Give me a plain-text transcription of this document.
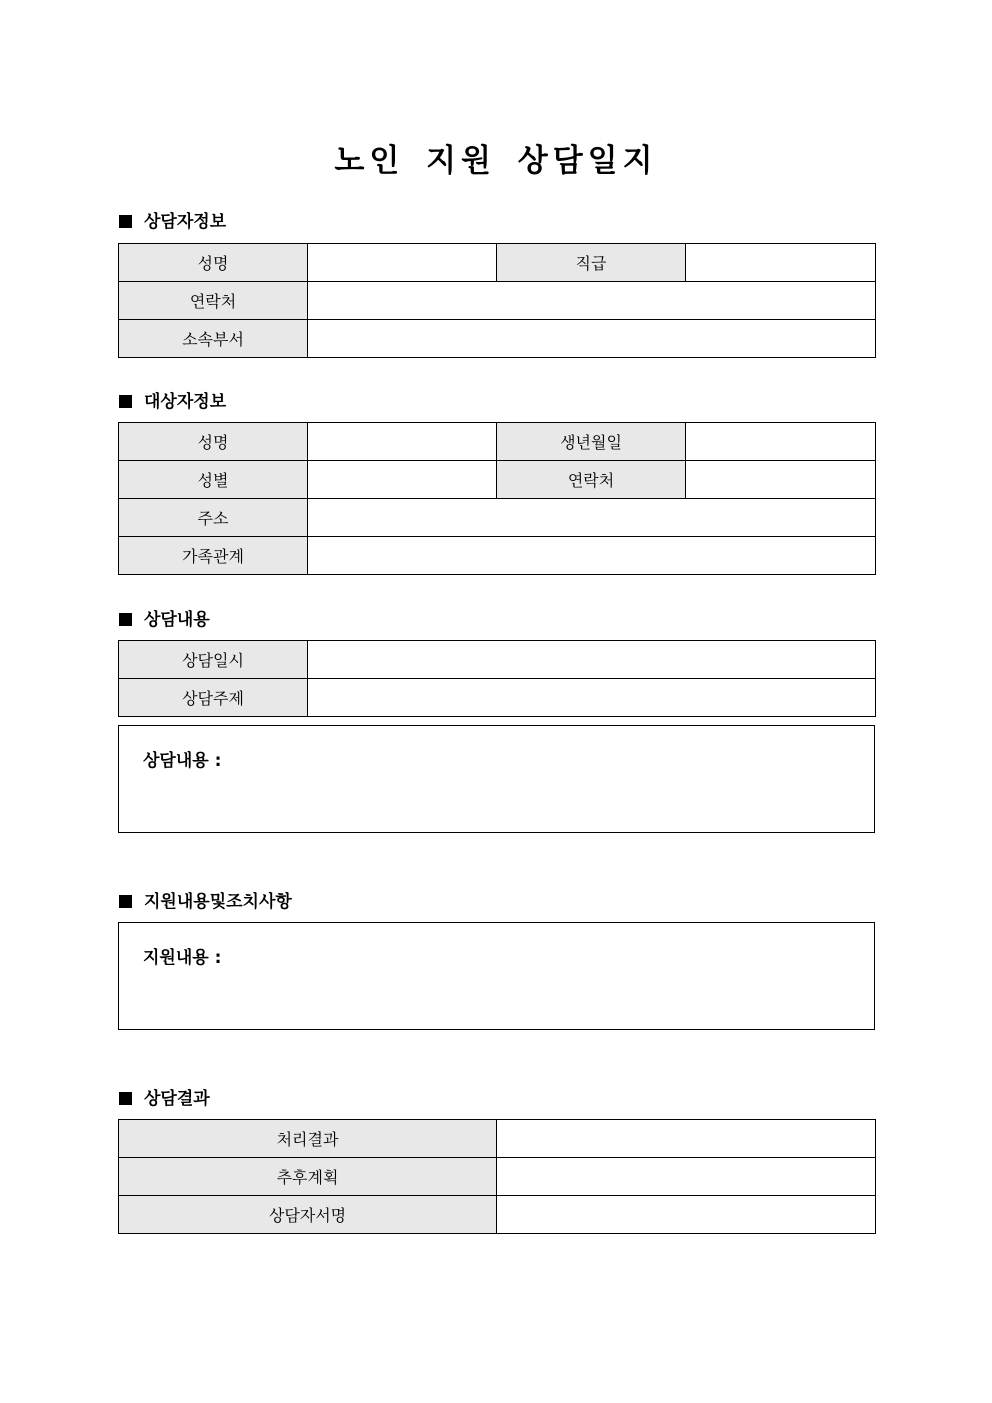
노인 지원 상담일지
상담자정보
성명		직급	
연락처			
소속부서			
대상자정보
성명		생년월일	
성별		연락처	
주소			
가족관계			
상담내용
상담일시	
상담주제	
상담내용 :
지원내용및조치사항
지원내용 :
상담결과
처리결과	
추후계획	
상담자서명	
